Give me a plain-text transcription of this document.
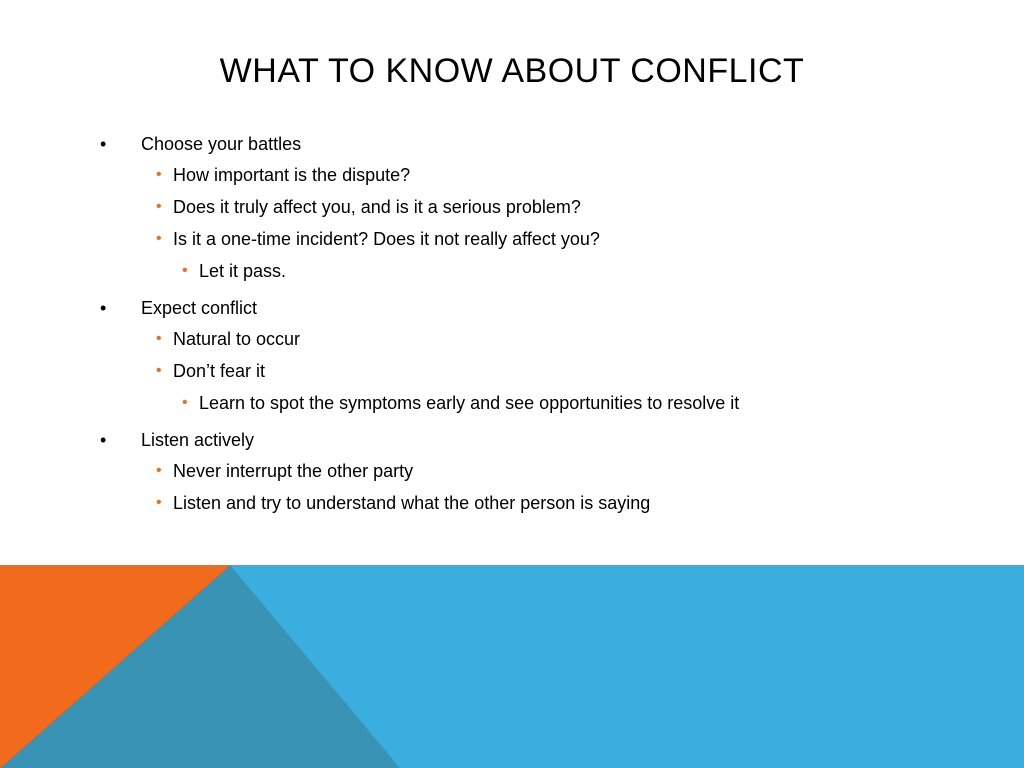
WHAT TO KNOW ABOUT CONFLICT
• Choose your battles
• How important is the dispute?
• Does it truly affect you, and is it a serious problem?
• Is it a one-time incident? Does it not really affect you?
• Let it pass.
• Expect conflict
• Natural to occur
• Don’t fear it
• Learn to spot the symptoms early and see opportunities to resolve it
• Listen actively
• Never interrupt the other party
• Listen and try to understand what the other person is saying
